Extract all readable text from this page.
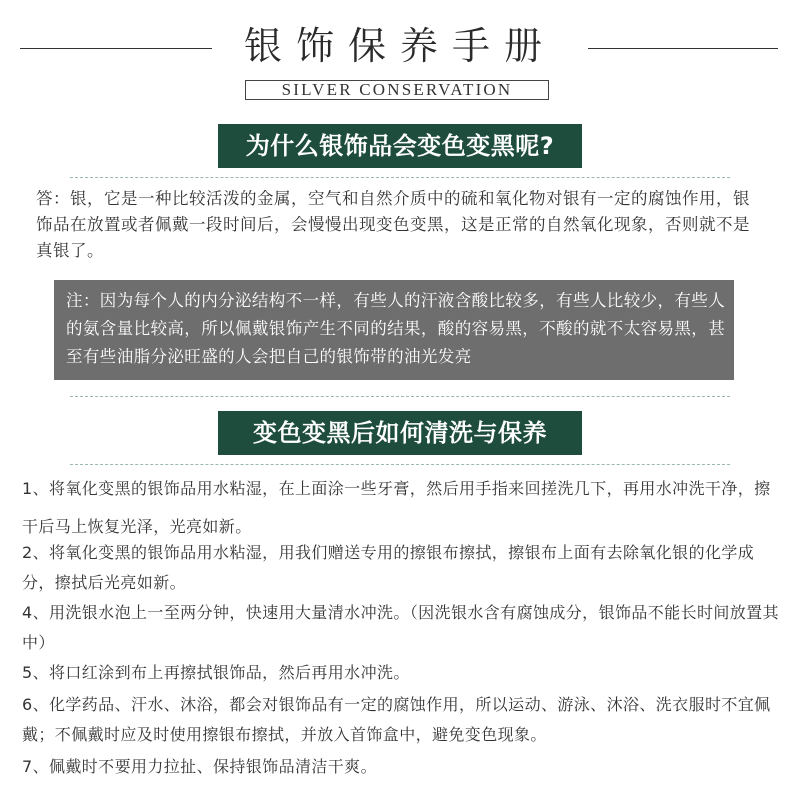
银饰保养手册
SILVER CONSERVATION
为什么银饰品会变色变黑呢?
答：银，它是一种比较活泼的金属，空气和自然介质中的硫和氧化物对银有一定的腐蚀作用，银饰品在放置或者佩戴一段时间后，会慢慢出现变色变黑，这是正常的自然氧化现象，否则就不是真银了。
注：因为每个人的内分泌结构不一样，有些人的汗液含酸比较多，有些人比较少，有些人的氨含量比较高，所以佩戴银饰产生不同的结果，酸的容易黑，不酸的就不太容易黑，甚至有些油脂分泌旺盛的人会把自己的银饰带的油光发亮
变色变黑后如何清洗与保养
1、将氧化变黑的银饰品用水粘湿，在上面涂一些牙膏，然后用手指来回搓洗几下，再用水冲洗干净，擦干后马上恢复光泽，光亮如新。
2、将氧化变黑的银饰品用水粘湿，用我们赠送专用的擦银布擦拭，擦银布上面有去除氧化银的化学成分，擦拭后光亮如新。
4、用洗银水泡上一至两分钟，快速用大量清水冲洗。（因洗银水含有腐蚀成分，银饰品不能长时间放置其中）
5、将口红涂到布上再擦拭银饰品，然后再用水冲洗。
6、化学药品、汗水、沐浴，都会对银饰品有一定的腐蚀作用，所以运动、游泳、沐浴、洗衣服时不宜佩戴；不佩戴时应及时使用擦银布擦拭，并放入首饰盒中，避免变色现象。
7、佩戴时不要用力拉扯、保持银饰品清洁干爽。
